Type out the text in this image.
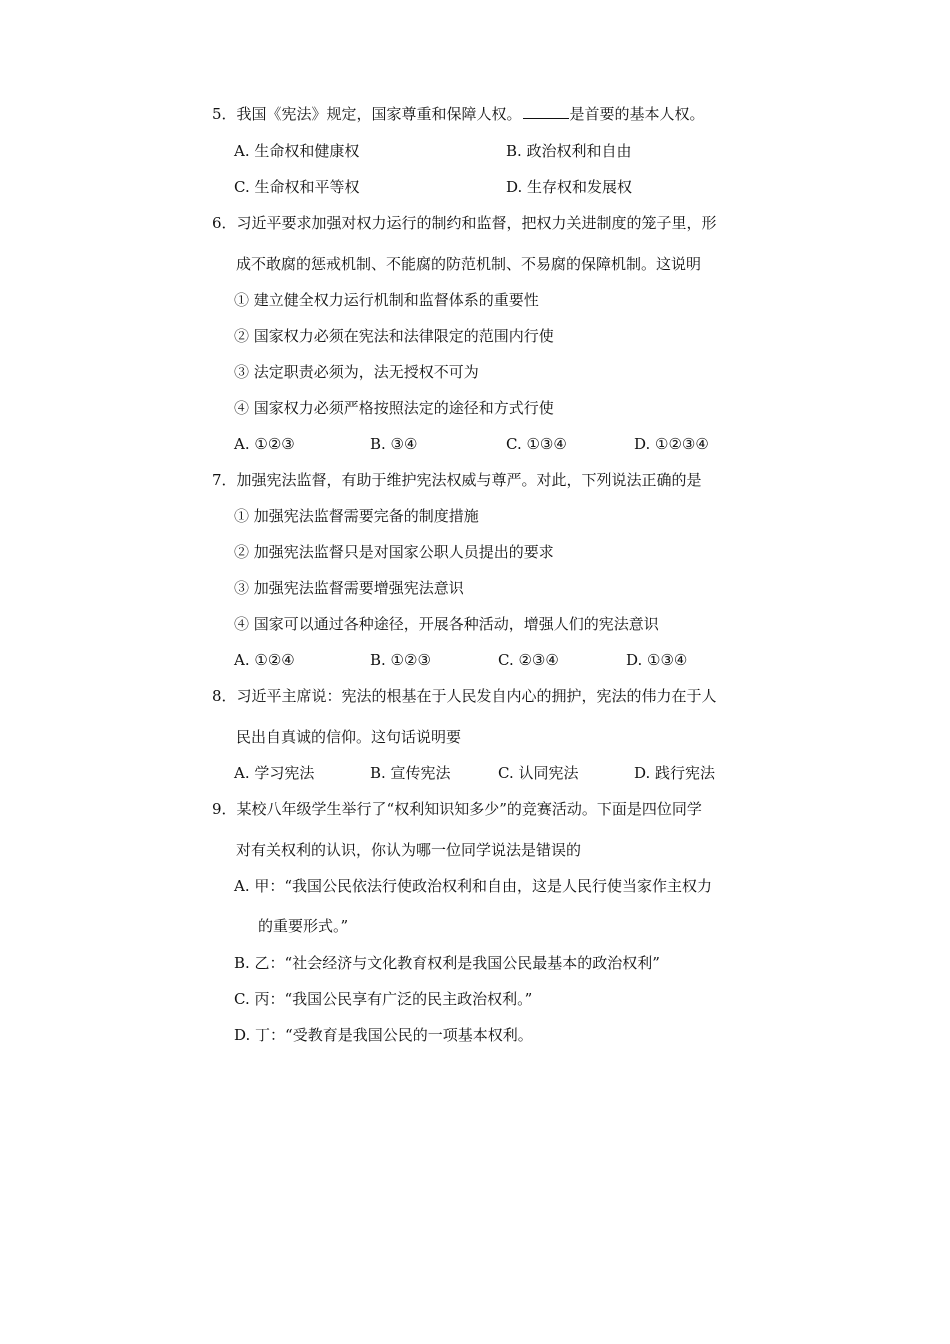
5．我国《宪法》规定，国家尊重和保障人权。	是首要的基本人权。
A. 生命权和健康权	B. 政治权利和自由
C. 生命权和平等权	D. 生存权和发展权
6．习近平要求加强对权力运行的制约和监督，把权力关进制度的笼子里，形
成不敢腐的惩戒机制、不能腐的防范机制、不易腐的保障机制。这说明
① 建立健全权力运行机制和监督体系的重要性
② 国家权力必须在宪法和法律限定的范围内行使
③ 法定职责必须为，法无授权不可为
④ 国家权力必须严格按照法定的途径和方式行使
A. ①②③	B. ③④	C. ①③④	D. ①②③④
7．加强宪法监督，有助于维护宪法权威与尊严。对此，下列说法正确的是
① 加强宪法监督需要完备的制度措施
② 加强宪法监督只是对国家公职人员提出的要求
③ 加强宪法监督需要增强宪法意识
④ 国家可以通过各种途径，开展各种活动，增强人们的宪法意识
A. ①②④	B. ①②③	C. ②③④	D. ①③④
8．习近平主席说：宪法的根基在于人民发自内心的拥护，宪法的伟力在于人
民出自真诚的信仰。这句话说明要
A. 学习宪法	B. 宣传宪法	C. 认同宪法	D. 践行宪法
9．某校八年级学生举行了“权利知识知多少”的竞赛活动。下面是四位同学
对有关权利的认识，你认为哪一位同学说法是错误的
A. 甲：“我国公民依法行使政治权利和自由，这是人民行使当家作主权力
的重要形式。”
B. 乙：“社会经济与文化教育权利是我国公民最基本的政治权利”
C. 丙：“我国公民享有广泛的民主政治权利。”
D. 丁：“受教育是我国公民的一项基本权利。
